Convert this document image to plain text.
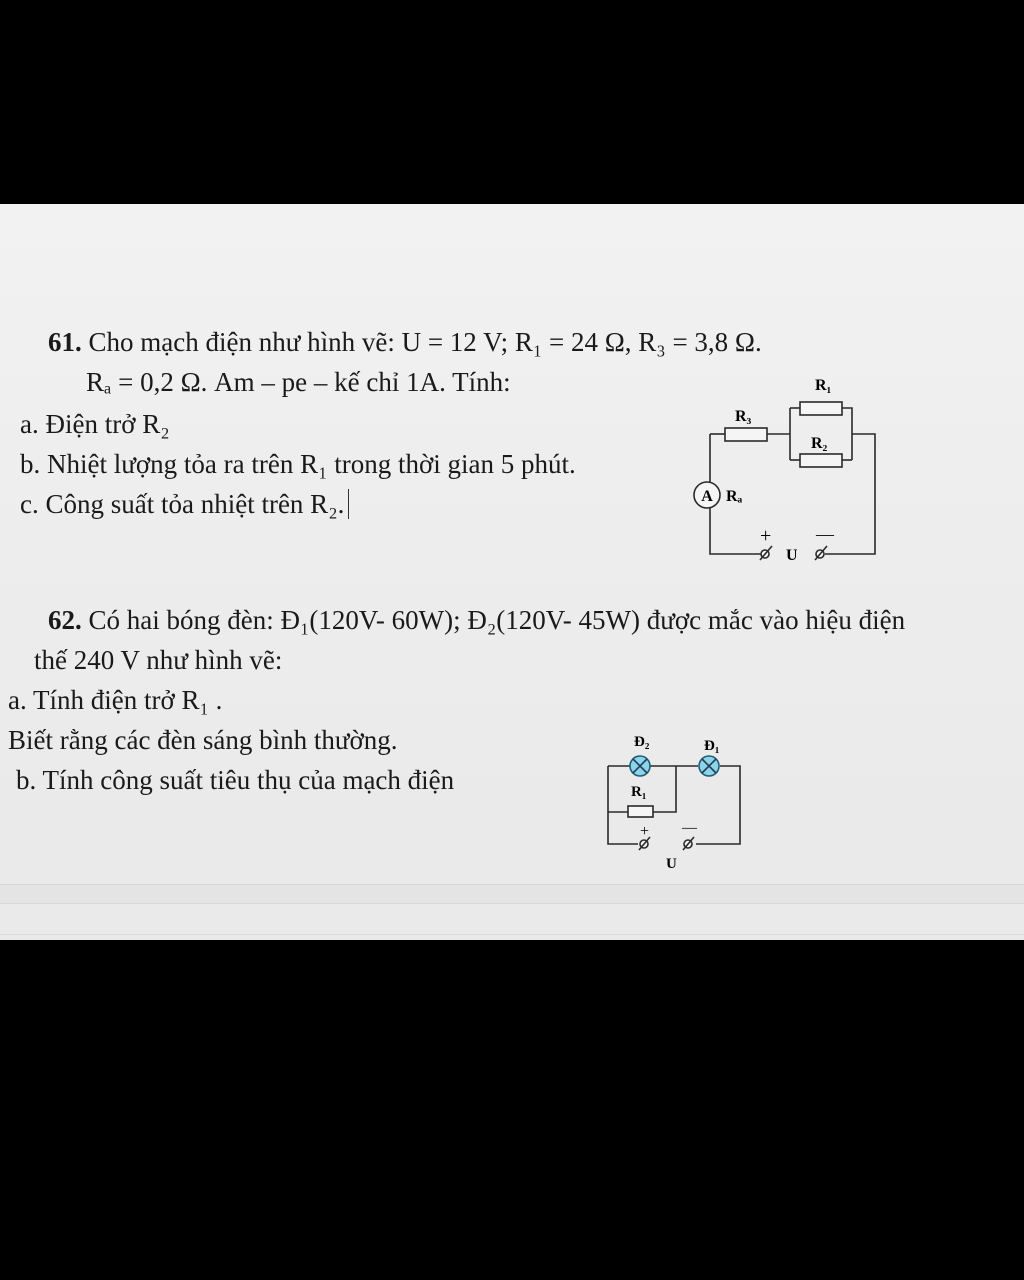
61. Cho mạch điện như hình vẽ: U = 12 V; R₁ = 24 Ω, R₃ = 3,8 Ω.
Rₐ = 0,2 Ω. Am – pe – kế chỉ 1A. Tính:
a. Điện trở R₂
b. Nhiệt lượng tỏa ra trên R₁ trong thời gian 5 phút.
c. Công suất tỏa nhiệt trên R₂.	A Rₐ
R₁
R₂
R₃
+ —
U
62. Có hai bóng đèn: Đ₁(120V- 60W); Đ₂(120V- 45W) được mắc vào hiệu điện
thế 240 V như hình vẽ:
a. Tính điện trở R₁ .
Biết rằng các đèn sáng bình thường.
b. Tính công suất tiêu thụ của mạch điện
Đ₂	Đ₁
R₁
+ —
U
